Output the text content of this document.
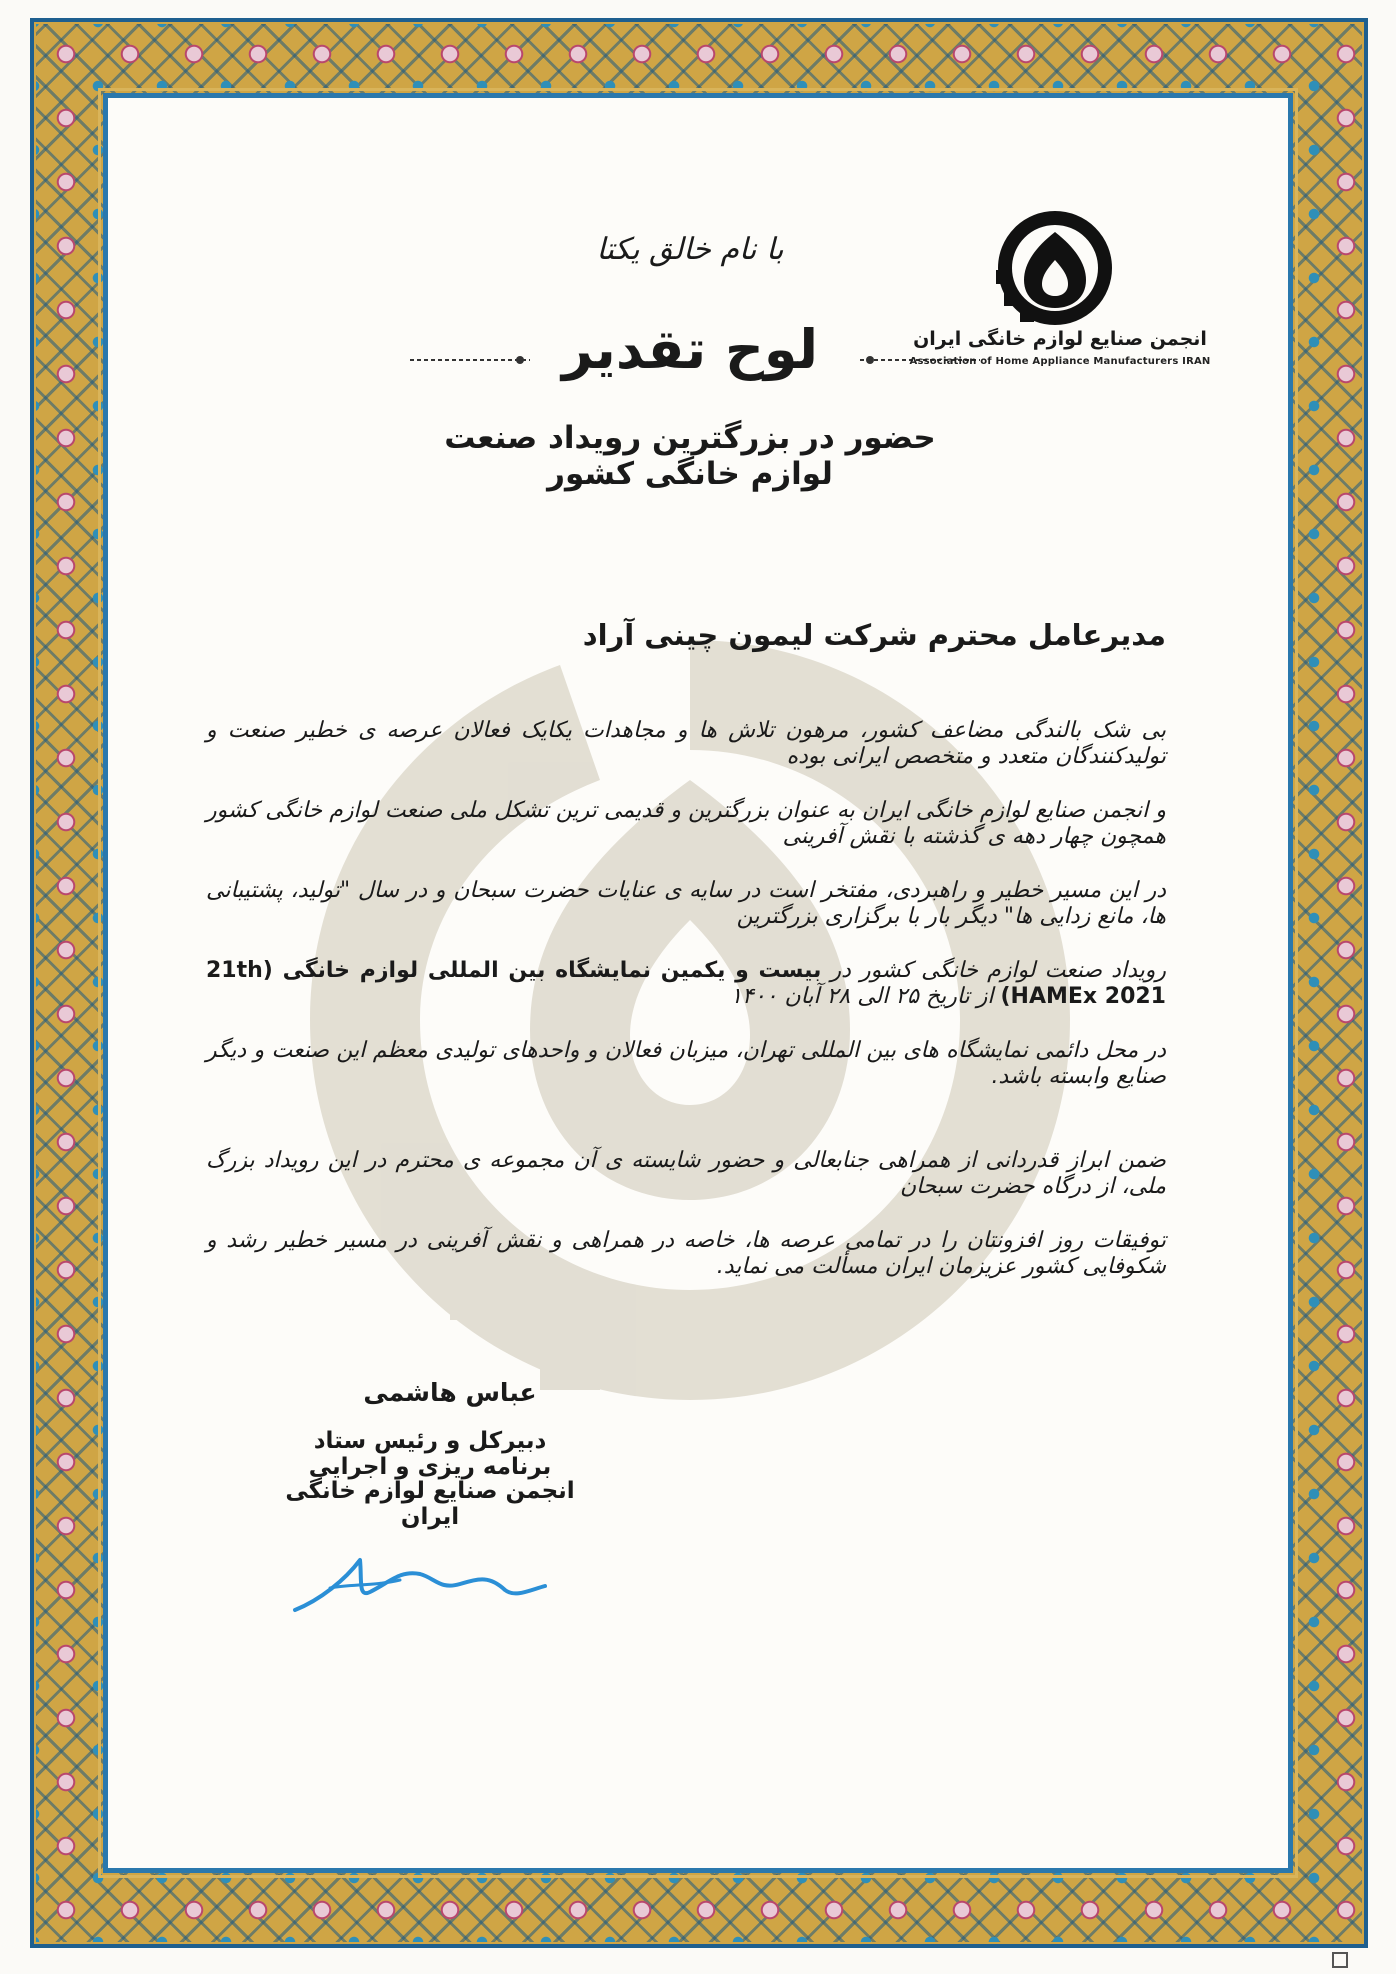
با نام خالق یکتا
لوح تقدیر
حضور در بزرگترین رویداد صنعت لوازم خانگی کشور
انجمن صنایع لوازم خانگی ایران
Association of Home Appliance Manufacturers IRAN
مدیرعامل محترم شرکت لیمون چینی آراد
بی شک بالندگی مضاعف کشور، مرهون تلاش ها و مجاهدات یکایک فعالان عرصه ی خطیر صنعت و تولیدکنندگان متعدد و متخصص ایرانی بوده
و انجمن صنایع لوازم خانگی ایران به عنوان بزرگترین و قدیمی ترین تشکل ملی صنعت لوازم خانگی کشور همچون چهار دهه ی گذشته با نقش آفرینی
در این مسیر خطیر و راهبردی، مفتخر است در سایه ی عنایات حضرت سبحان و در سال "تولید، پشتیبانی ها، مانع زدایی ها" دیگر بار با برگزاری بزرگترین
رویداد صنعت لوازم خانگی کشور در بیست و یکمین نمایشگاه بین المللی لوازم خانگی (21th HAMEx 2021) از تاریخ ۲۵ الی ۲۸ آبان ۱۴۰۰
در محل دائمی نمایشگاه های بین المللی تهران، میزبان فعالان و واحدهای تولیدی معظم این صنعت و دیگر صنایع وابسته باشد.
ضمن ابراز قدردانی از همراهی جنابعالی و حضور شایسته ی آن مجموعه ی محترم در این رویداد بزرگ ملی، از درگاه حضرت سبحان
توفیقات روز افزونتان را در تمامی عرصه ها، خاصه در همراهی و نقش آفرینی در مسیر خطیر رشد و شکوفایی کشور عزیزمان ایران مسألت می نماید.
عباس هاشمی
دبیرکل و رئیس ستاد برنامه ریزی و اجرایی
انجمن صنایع لوازم خانگی ایران
